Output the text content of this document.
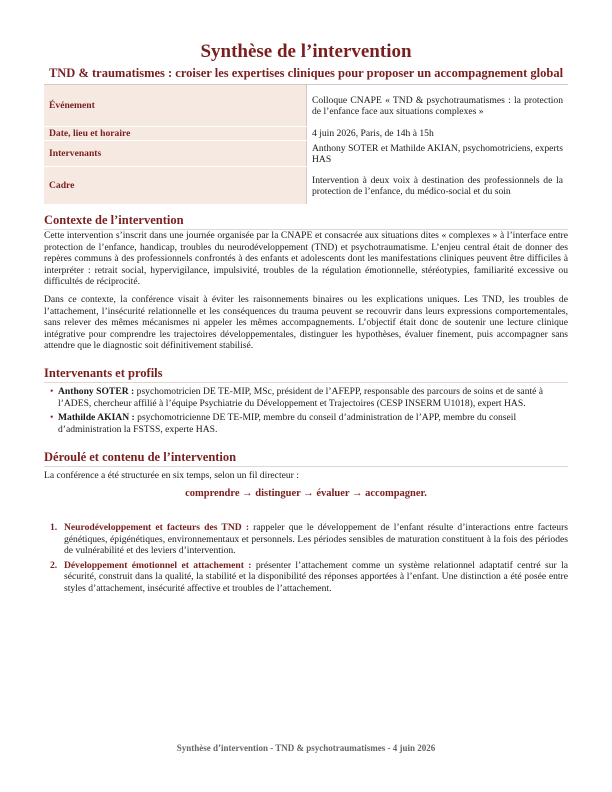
Synthèse de l’intervention
TND & traumatismes : croiser les expertises cliniques pour proposer un accompagnement global
Événement	Colloque CNAPE « TND & psychotraumatismes : la protection de l’enfance face aux situations complexes »
Date, lieu et horaire	4 juin 2026, Paris, de 14h à 15h
Intervenants	Anthony SOTER et Mathilde AKIAN, psychomotriciens, experts HAS
Cadre	Intervention à deux voix à destination des professionnels de la protection de l’enfance, du médico-social et du soin
Contexte de l’intervention

Cette intervention s’inscrit dans une journée organisée par la CNAPE et consacrée aux situations dites « complexes » à l’interface entre protection de l’enfance, handicap, troubles du neurodéveloppement (TND) et psychotraumatisme. L’enjeu central était de donner des repères communs à des professionnels confrontés à des enfants et adolescents dont les manifestations cliniques peuvent être difficiles à interpréter : retrait social, hypervigilance, impulsivité, troubles de la régulation émotionnelle, stéréotypies, familiarité excessive ou difficultés de réciprocité.

Dans ce contexte, la conférence visait à éviter les raisonnements binaires ou les explications uniques. Les TND, les troubles de l’attachement, l’insécurité relationnelle et les conséquences du trauma peuvent se recouvrir dans leurs expressions comportementales, sans relever des mêmes mécanismes ni appeler les mêmes accompagnements. L’objectif était donc de soutenir une lecture clinique intégrative pour comprendre les trajectoires développementales, distinguer les hypothèses, évaluer finement, puis accompagner sans attendre que le diagnostic soit définitivement stabilisé.

Intervenants et profils
• Anthony SOTER : psychomotricien DE TE-MIP, MSc, président de l’AFEPP, responsable des parcours de soins et de santé à l’ADES, chercheur affilié à l’équipe Psychiatrie du Développement et Trajectoires (CESP INSERM U1018), expert HAS.
• Mathilde AKIAN : psychomotricienne DE TE-MIP, membre du conseil d’administration de l’APP, membre du conseil d’administration la FSTSS, experte HAS.
Déroulé et contenu de l’intervention

La conférence a été structurée en six temps, selon un fil directeur :

comprendre → distinguer → évaluer → accompagner.

1. Neurodéveloppement et facteurs des TND : rappeler que le développement de l’enfant résulte d’interactions entre facteurs génétiques, épigénétiques, environnementaux et personnels. Les périodes sensibles de maturation constituent à la fois des périodes de vulnérabilité et des leviers d’intervention.
2. Développement émotionnel et attachement : présenter l’attachement comme un système relationnel adaptatif centré sur la sécurité, construit dans la qualité, la stabilité et la disponibilité des réponses apportées à l’enfant. Une distinction a été posée entre styles d’attachement, insécurité affective et troubles de l’attachement.
Synthèse d’intervention - TND & psychotraumatismes - 4 juin 2026
